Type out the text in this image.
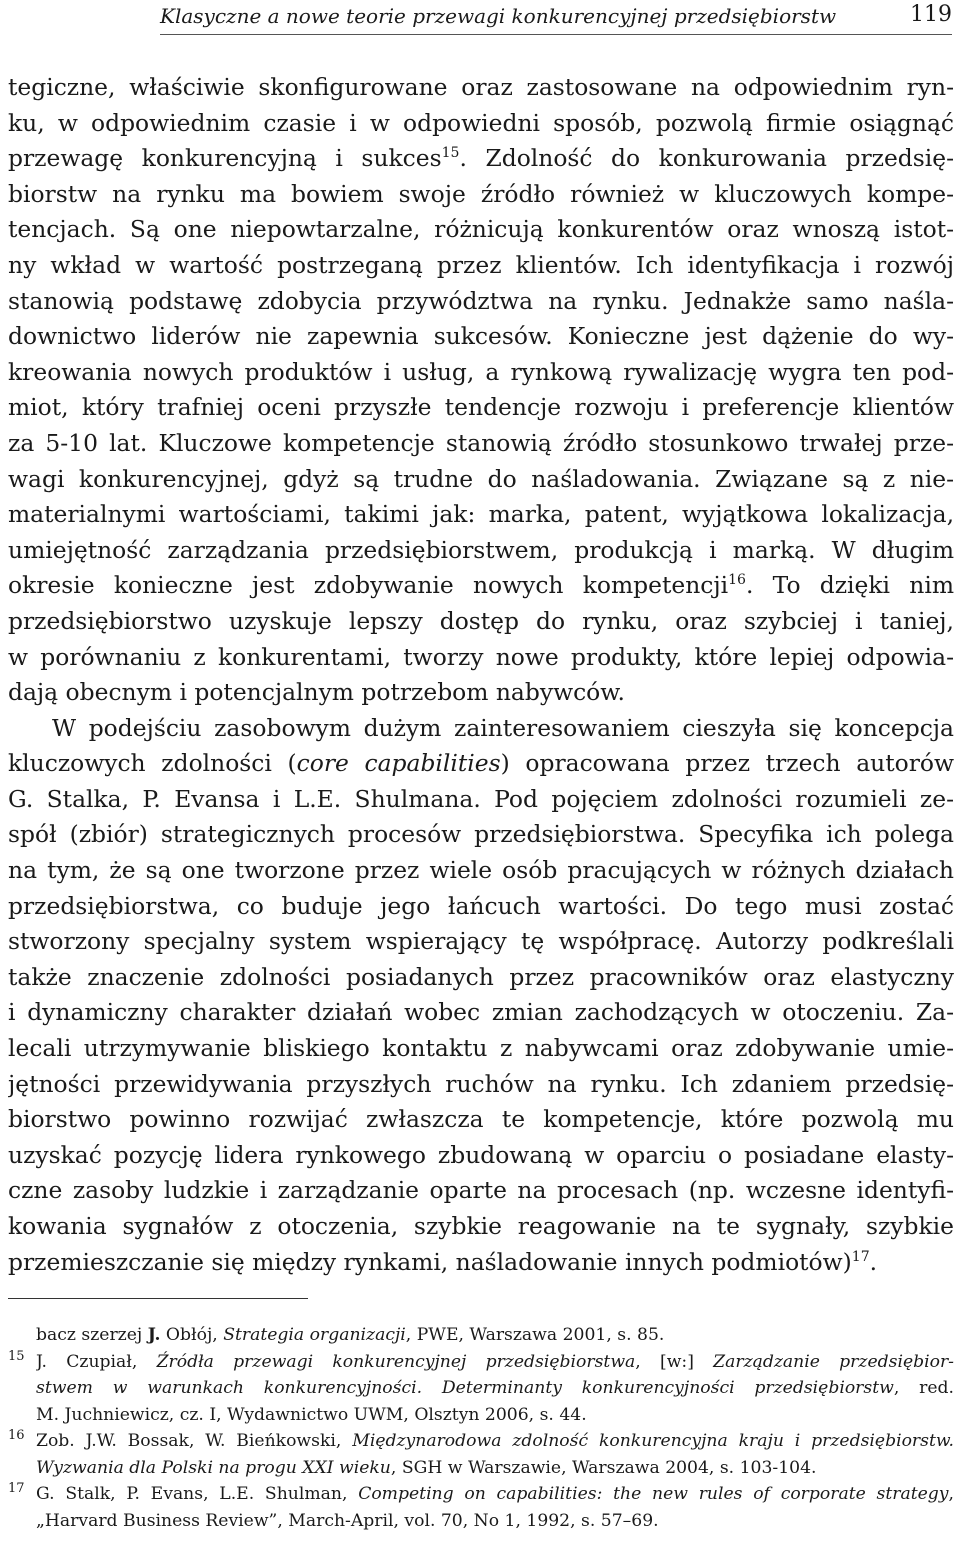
Klasyczne a nowe teorie przewagi konkurencyjnej przedsiębiorstw	119
tegiczne, właściwie skonfigurowane oraz zastosowane na odpowiednim ryn-
ku, w odpowiednim czasie i w odpowiedni sposób, pozwolą firmie osiągnąć
przewagę konkurencyjną i sukces$^{15}$. Zdolność do konkurowania przedsię-
biorstw na rynku ma bowiem swoje źródło również w kluczowych kompe-
tencjach. Są one niepowtarzalne, różnicują konkurentów oraz wnoszą istot-
ny wkład w wartość postrzeganą przez klientów. Ich identyfikacja i rozwój
stanowią podstawę zdobycia przywództwa na rynku. Jednakże samo naśla-
downictwo liderów nie zapewnia sukcesów. Konieczne jest dążenie do wy-
kreowania nowych produktów i usług, a rynkową rywalizację wygra ten pod-
miot, który trafniej oceni przyszłe tendencje rozwoju i preferencje klientów
za 5-10 lat. Kluczowe kompetencje stanowią źródło stosunkowo trwałej prze-
wagi konkurencyjnej, gdyż są trudne do naśladowania. Związane są z nie-
materialnymi wartościami, takimi jak: marka, patent, wyjątkowa lokalizacja,
umiejętność zarządzania przedsiębiorstwem, produkcją i marką. W długim
okresie konieczne jest zdobywanie nowych kompetencji$^{16}$. To dzięki nim
przedsiębiorstwo uzyskuje lepszy dostęp do rynku, oraz szybciej i taniej,
w porównaniu z konkurentami, tworzy nowe produkty, które lepiej odpowia-
dają obecnym i potencjalnym potrzebom nabywców.
W podejściu zasobowym dużym zainteresowaniem cieszyła się koncepcja
kluczowych zdolności (core capabilities) opracowana przez trzech autorów
G. Stalka, P. Evansa i L.E. Shulmana. Pod pojęciem zdolności rozumieli ze-
spół (zbiór) strategicznych procesów przedsiębiorstwa. Specyfika ich polega
na tym, że są one tworzone przez wiele osób pracujących w różnych działach
przedsiębiorstwa, co buduje jego łańcuch wartości. Do tego musi zostać
stworzony specjalny system wspierający tę współpracę. Autorzy podkreślali
także znaczenie zdolności posiadanych przez pracowników oraz elastyczny
i dynamiczny charakter działań wobec zmian zachodzących w otoczeniu. Za-
lecali utrzymywanie bliskiego kontaktu z nabywcami oraz zdobywanie umie-
jętności przewidywania przyszłych ruchów na rynku. Ich zdaniem przedsię-
biorstwo powinno rozwijać zwłaszcza te kompetencje, które pozwolą mu
uzyskać pozycję lidera rynkowego zbudowaną w oparciu o posiadane elasty-
czne zasoby ludzkie i zarządzanie oparte na procesach (np. wczesne identyfi-
kowania sygnałów z otoczenia, szybkie reagowanie na te sygnały, szybkie
przemieszczanie się między rynkami, naśladowanie innych podmiotów)$^{17}$.
bacz szerzej J. Obłój, Strategia organizacji, PWE, Warszawa 2001, s. 85.
15 J. Czupiał, Źródła przewagi konkurencyjnej przedsiębiorstwa, [w:] Zarządzanie przedsiębior-
stwem w warunkach konkurencyjności. Determinanty konkurencyjności przedsiębiorstw, red.
M. Juchniewicz, cz. I, Wydawnictwo UWM, Olsztyn 2006, s. 44.
16 Zob. J.W. Bossak, W. Bieńkowski, Międzynarodowa zdolność konkurencyjna kraju i przedsiębiorstw.
Wyzwania dla Polski na progu XXI wieku, SGH w Warszawie, Warszawa 2004, s. 103-104.
17 G. Stalk, P. Evans, L.E. Shulman, Competing on capabilities: the new rules of corporate strategy,
„Harvard Business Review”, March-April, vol. 70, No 1, 1992, s. 57–69.
